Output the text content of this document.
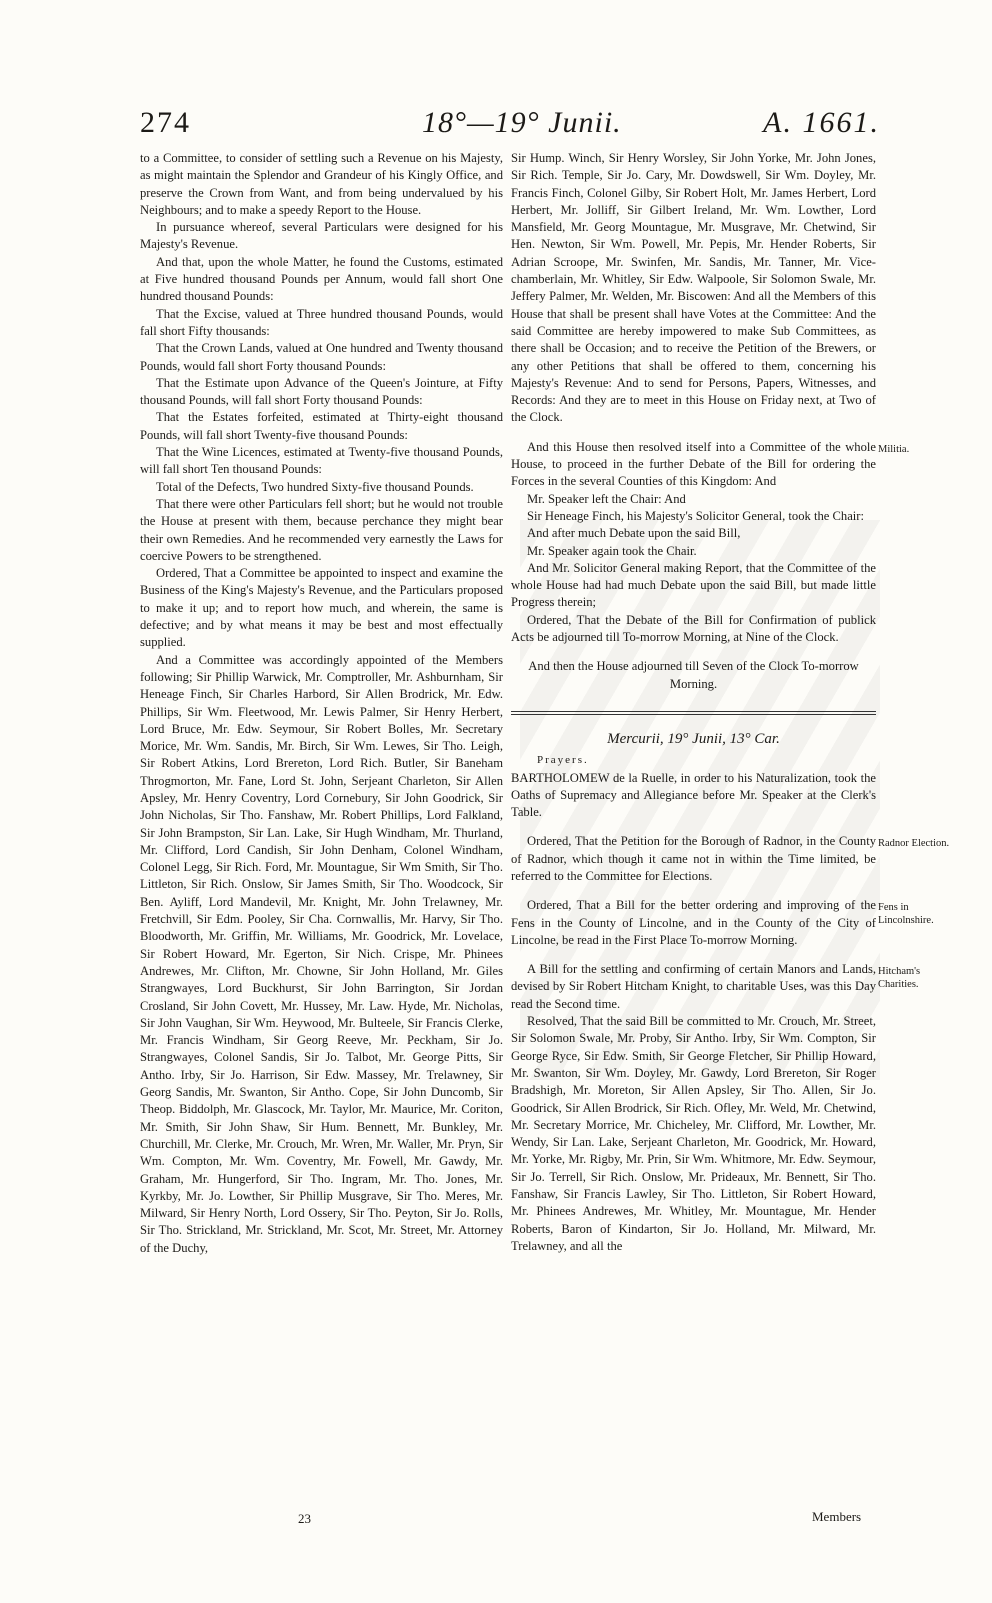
274	18°—19° Junii.	A. 1661.

to a Committee, to consider of settling such a Revenue on his Majesty, as might maintain the Splendor and Grandeur of his Kingly Office, and preserve the Crown from Want, and from being undervalued by his Neighbours; and to make a speedy Report to the House.

In pursuance whereof, several Particulars were designed for his Majesty's Revenue.

And that, upon the whole Matter, he found the Customs, estimated at Five hundred thousand Pounds per Annum, would fall short One hundred thousand Pounds:

That the Excise, valued at Three hundred thousand Pounds, would fall short Fifty thousands:

That the Crown Lands, valued at One hundred and Twenty thousand Pounds, would fall short Forty thousand Pounds:

That the Estimate upon Advance of the Queen's Jointure, at Fifty thousand Pounds, will fall short Forty thousand Pounds:

That the Estates forfeited, estimated at Thirty-eight thousand Pounds, will fall short Twenty-five thousand Pounds:

That the Wine Licences, estimated at Twenty-five thousand Pounds, will fall short Ten thousand Pounds:

Total of the Defects, Two hundred Sixty-five thousand Pounds.

That there were other Particulars fell short; but he would not trouble the House at present with them, because perchance they might bear their own Remedies. And he recommended very earnestly the Laws for coercive Powers to be strengthened.

Ordered, That a Committee be appointed to inspect and examine the Business of the King's Majesty's Revenue, and the Particulars proposed to make it up; and to report how much, and wherein, the same is defective; and by what means it may be best and most effectually supplied.

And a Committee was accordingly appointed of the Members following; Sir Phillip Warwick, Mr. Comptroller, Mr. Ashburnham, Sir Heneage Finch, Sir Charles Harbord, Sir Allen Brodrick, Mr. Edw. Phillips, Sir Wm. Fleetwood, Mr. Lewis Palmer, Sir Henry Herbert, Lord Bruce, Mr. Edw. Seymour, Sir Robert Bolles, Mr. Secretary Morice, Mr. Wm. Sandis, Mr. Birch, Sir Wm. Lewes, Sir Tho. Leigh, Sir Robert Atkins, Lord Brereton, Lord Rich. Butler, Sir Baneham Throgmorton, Mr. Fane, Lord St. John, Serjeant Charleton, Sir Allen Apsley, Mr. Henry Coventry, Lord Cornebury, Sir John Goodrick, Sir John Nicholas, Sir Tho. Fanshaw, Mr. Robert Phillips, Lord Falkland, Sir John Brampston, Sir Lan. Lake, Sir Hugh Windham, Mr. Thurland, Mr. Clifford, Lord Candish, Sir John Denham, Colonel Windham, Colonel Legg, Sir Rich. Ford, Mr. Mountague, Sir Wm Smith, Sir Tho. Littleton, Sir Rich. Onslow, Sir James Smith, Sir Tho. Woodcock, Sir Ben. Ayliff, Lord Mandevil, Mr. Knight, Mr. John Trelawney, Mr. Fretchvill, Sir Edm. Pooley, Sir Cha. Cornwallis, Mr. Harvy, Sir Tho. Bloodworth, Mr. Griffin, Mr. Williams, Mr. Goodrick, Mr. Lovelace, Sir Robert Howard, Mr. Egerton, Sir Nich. Crispe, Mr. Phinees Andrewes, Mr. Clifton, Mr. Chowne, Sir John Holland, Mr. Giles Strangwayes, Lord Buckhurst, Sir John Barrington, Sir Jordan Crosland, Sir John Covett, Mr. Hussey, Mr. Law. Hyde, Mr. Nicholas, Sir John Vaughan, Sir Wm. Heywood, Mr. Bulteele, Sir Francis Clerke, Mr. Francis Windham, Sir Georg Reeve, Mr. Peckham, Sir Jo. Strangwayes, Colonel Sandis, Sir Jo. Talbot, Mr. George Pitts, Sir Antho. Irby, Sir Jo. Harrison, Sir Edw. Massey, Mr. Trelawney, Sir Georg Sandis, Mr. Swanton, Sir Antho. Cope, Sir John Duncomb, Sir Theop. Biddolph, Mr. Glascock, Mr. Taylor, Mr. Maurice, Mr. Coriton, Mr. Smith, Sir John Shaw, Sir Hum. Bennett, Mr. Bunkley, Mr. Churchill, Mr. Clerke, Mr. Crouch, Mr. Wren, Mr. Waller, Mr. Pryn, Sir Wm. Compton, Mr. Wm. Coventry, Mr. Fowell, Mr. Gawdy, Mr. Graham, Mr. Hungerford, Sir Tho. Ingram, Mr. Tho. Jones, Mr. Kyrkby, Mr. Jo. Lowther, Sir Phillip Musgrave, Sir Tho. Meres, Mr. Milward, Sir Henry North, Lord Ossery, Sir Tho. Peyton, Sir Jo. Rolls, Sir Tho. Strickland, Mr. Strickland, Mr. Scot, Mr. Street, Mr. Attorney of the Duchy,

Sir Hump. Winch, Sir Henry Worsley, Sir John Yorke, Mr. John Jones, Sir Rich. Temple, Sir Jo. Cary, Mr. Dowdswell, Sir Wm. Doyley, Mr. Francis Finch, Colonel Gilby, Sir Robert Holt, Mr. James Herbert, Lord Herbert, Mr. Jolliff, Sir Gilbert Ireland, Mr. Wm. Lowther, Lord Mansfield, Mr. Georg Mountague, Mr. Musgrave, Mr. Chetwind, Sir Hen. Newton, Sir Wm. Powell, Mr. Pepis, Mr. Hender Roberts, Sir Adrian Scroope, Mr. Swinfen, Mr. Sandis, Mr. Tanner, Mr. Vice-chamberlain, Mr. Whitley, Sir Edw. Walpoole, Sir Solomon Swale, Mr. Jeffery Palmer, Mr. Welden, Mr. Biscowen: And all the Members of this House that shall be present shall have Votes at the Committee: And the said Committee are hereby impowered to make Sub Committees, as there shall be Occasion; and to receive the Petition of the Brewers, or any other Petitions that shall be offered to them, concerning his Majesty's Revenue: And to send for Persons, Papers, Witnesses, and Records: And they are to meet in this House on Friday next, at Two of the Clock.

And this House then resolved itself into a Committee of the whole House, to proceed in the further Debate of the Bill for ordering the Forces in the several Counties of this Kingdom: And

Mr. Speaker left the Chair: And

Sir Heneage Finch, his Majesty's Solicitor General, took the Chair:

And after much Debate upon the said Bill,

Mr. Speaker again took the Chair.

And Mr. Solicitor General making Report, that the Committee of the whole House had had much Debate upon the said Bill, but made little Progress therein;

Ordered, That the Debate of the Bill for Confirmation of publick Acts be adjourned till To-morrow Morning, at Nine of the Clock.

And then the House adjourned till Seven of the Clock To-morrow Morning.

Mercurii, 19° Junii, 13° Car.
Prayers.

BARTHOLOMEW de la Ruelle, in order to his Naturalization, took the Oaths of Supremacy and Allegiance before Mr. Speaker at the Clerk's Table.

Ordered, That the Petition for the Borough of Radnor, in the County of Radnor, which though it came not in within the Time limited, be referred to the Committee for Elections.

Ordered, That a Bill for the better ordering and improving of the Fens in the County of Lincolne, and in the County of the City of Lincolne, be read in the First Place To-morrow Morning.

A Bill for the settling and confirming of certain Manors and Lands, devised by Sir Robert Hitcham Knight, to charitable Uses, was this Day read the Second time.

Resolved, That the said Bill be committed to Mr. Crouch, Mr. Street, Sir Solomon Swale, Mr. Proby, Sir Antho. Irby, Sir Wm. Compton, Sir George Ryce, Sir Edw. Smith, Sir George Fletcher, Sir Phillip Howard, Mr. Swanton, Sir Wm. Doyley, Mr. Gawdy, Lord Brereton, Sir Roger Bradshigh, Mr. Moreton, Sir Allen Apsley, Sir Tho. Allen, Sir Jo. Goodrick, Sir Allen Brodrick, Sir Rich. Ofley, Mr. Weld, Mr. Chetwind, Mr. Secretary Morrice, Mr. Chicheley, Mr. Clifford, Mr. Lowther, Mr. Wendy, Sir Lan. Lake, Serjeant Charleton, Mr. Goodrick, Mr. Howard, Mr. Yorke, Mr. Rigby, Mr. Prin, Sir Wm. Whitmore, Mr. Edw. Seymour, Sir Jo. Terrell, Sir Rich. Onslow, Mr. Prideaux, Mr. Bennett, Sir Tho. Fanshaw, Sir Francis Lawley, Sir Tho. Littleton, Sir Robert Howard, Mr. Phinees Andrewes, Mr. Whitley, Mr. Mountague, Mr. Hender Roberts, Baron of Kindarton, Sir Jo. Holland, Mr. Milward, Mr. Trelawney, and all the

Militia.
Radnor Election.
Fens in Lincolnshire.
Hitcham's Charities.
23	Members
